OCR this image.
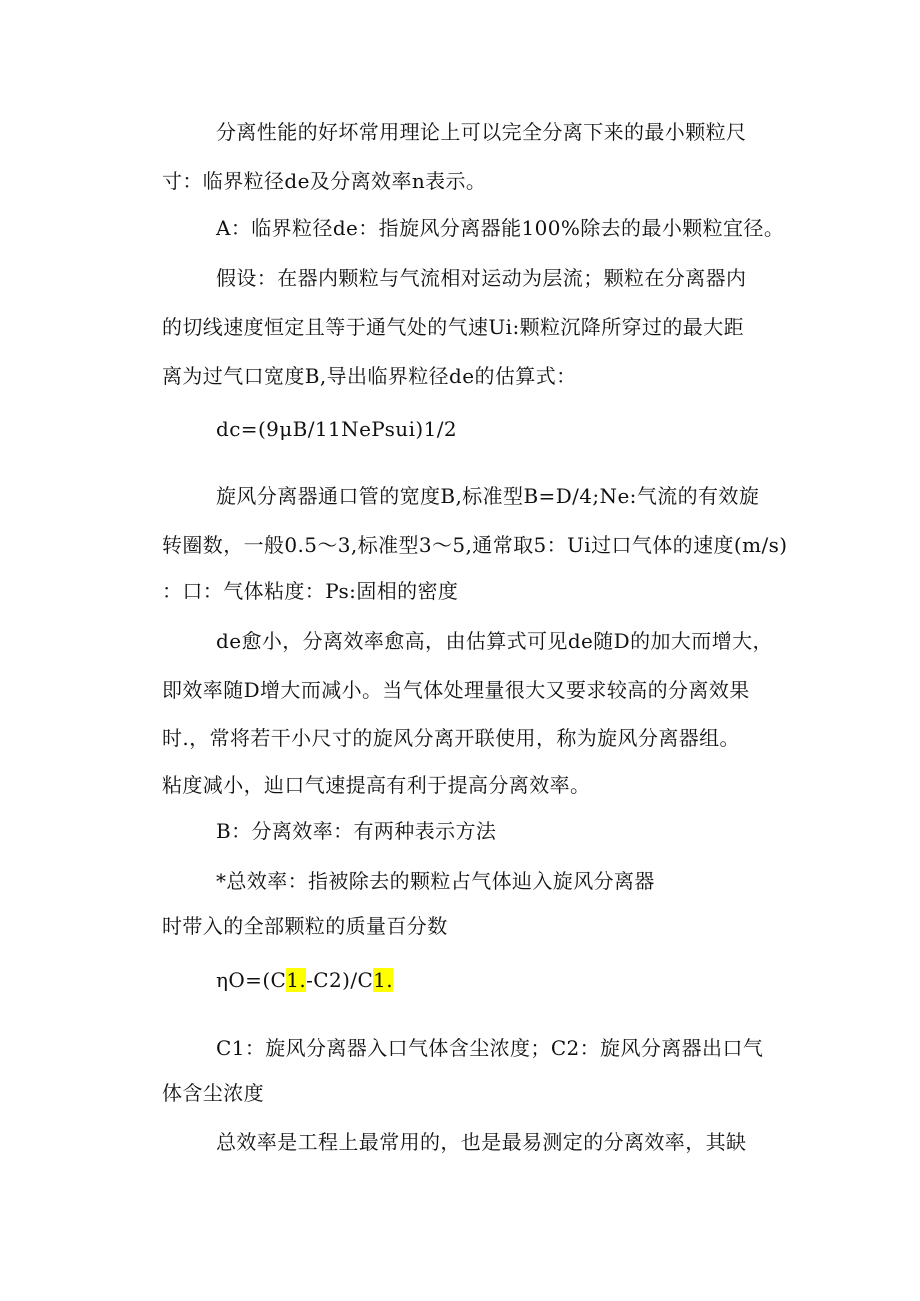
分离性能的好坏常用理论上可以完全分离下来的最小颗粒尺
寸：临界粒径de及分离效率n表示。
A：临界粒径de：指旋风分离器能100%除去的最小颗粒宜径。
假设：在器内颗粒与气流相对运动为层流；颗粒在分离器内
的切线速度恒定且等于通气处的气速Ui:颗粒沉降所穿过的最大距
离为过气口宽度B,导出临界粒径de的估算式：
dc=(9μB/11NePsui)1/2
旋风分离器通口管的宽度B,标准型B=D/4;Ne:气流的有效旋
转圈数，一般0.5～3,标准型3～5,通常取5：Ui过口气体的速度(m/s)
：口：气体粘度：Ps:固相的密度
de愈小，分离效率愈高，由估算式可见de随D的加大而增大，
即效率随D增大而减小。当气体处理量很大又要求较高的分离效果
时.，常将若干小尺寸的旋风分离开联使用，称为旋风分离器组。
粘度减小，辿口气速提高有利于提高分离效率。
B：分离效率：有两种表示方法
*总效率：指被除去的颗粒占气体辿入旋风分离器
时带入的全部颗粒的质量百分数
ηO=(C1.-C2)/C1.
C1：旋风分离器入口气体含尘浓度；C2：旋风分离器出口气
体含尘浓度
总效率是工程上最常用的，也是最易测定的分离效率，其缺
